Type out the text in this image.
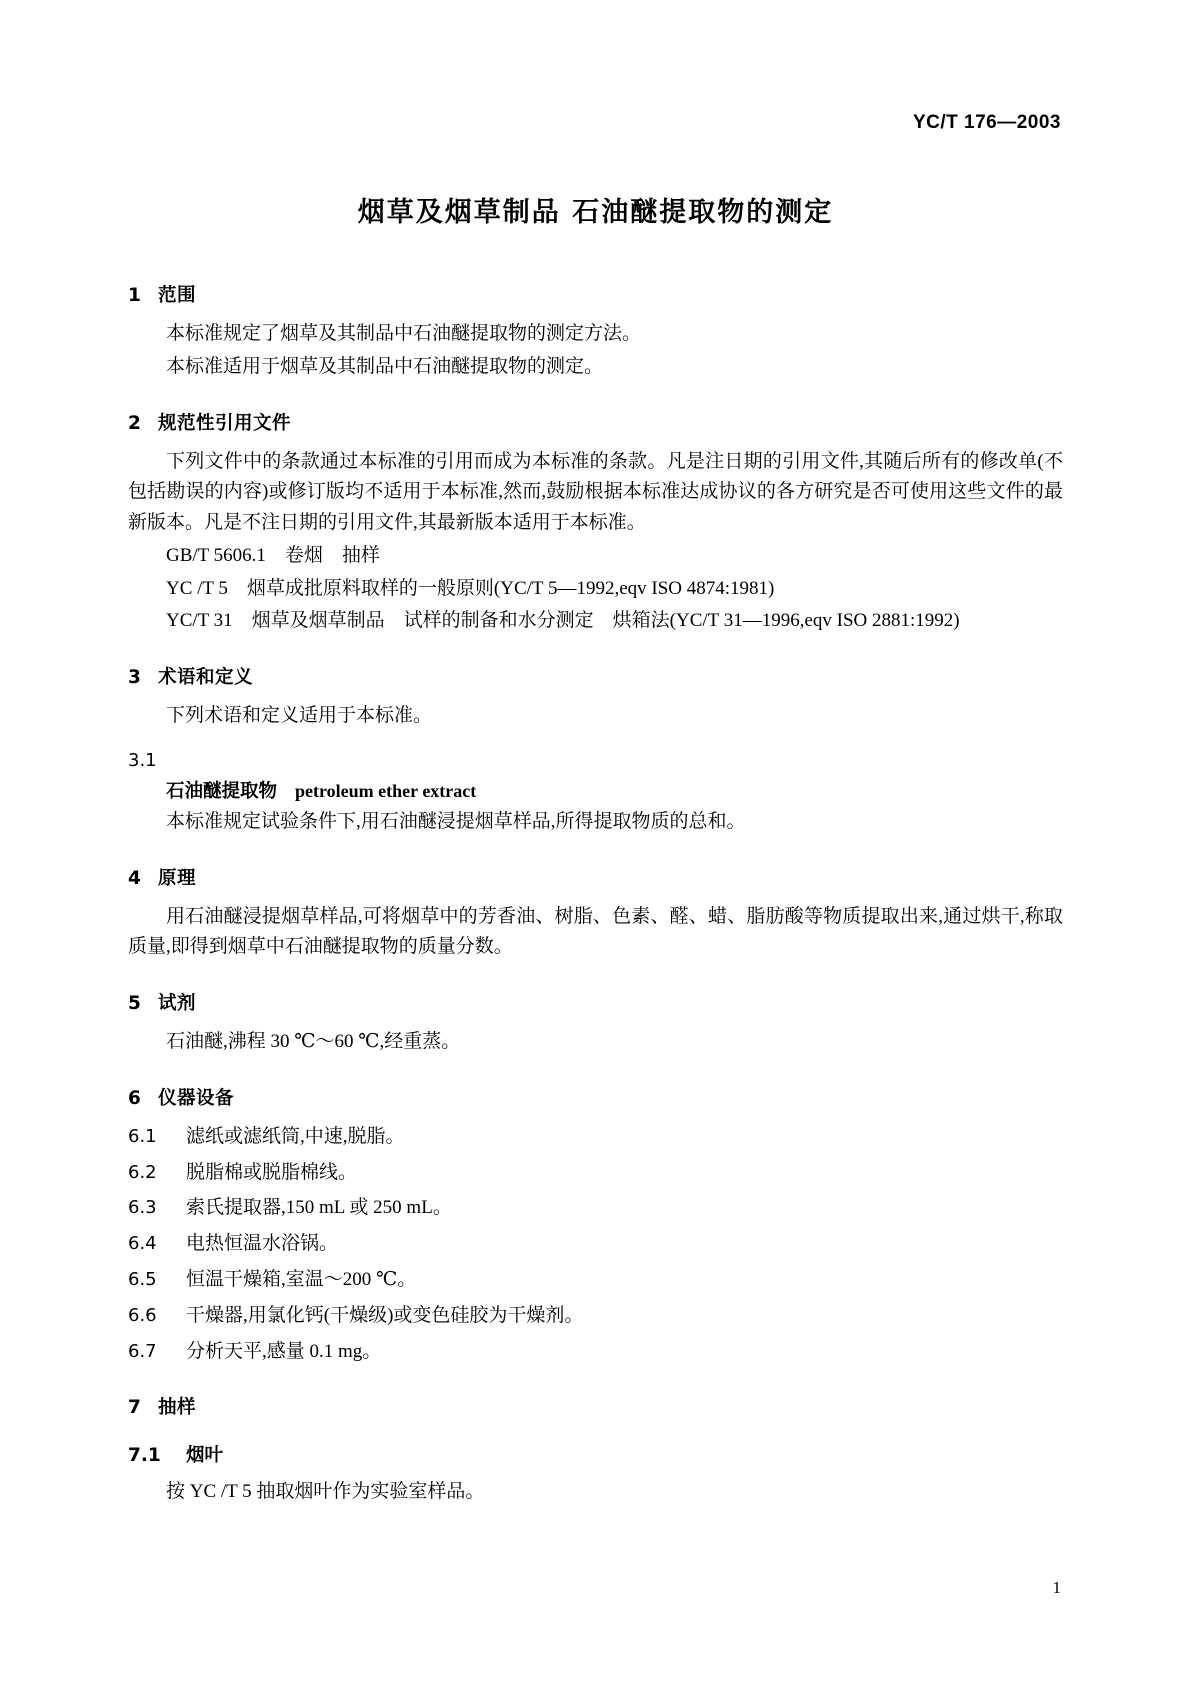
YC/T 176—2003
烟草及烟草制品 石油醚提取物的测定
1 范围

本标准规定了烟草及其制品中石油醚提取物的测定方法。

本标准适用于烟草及其制品中石油醚提取物的测定。

2 规范性引用文件

下列文件中的条款通过本标准的引用而成为本标准的条款。凡是注日期的引用文件,其随后所有的修改单(不包括勘误的内容)或修订版均不适用于本标准,然而,鼓励根据本标准达成协议的各方研究是否可使用这些文件的最新版本。凡是不注日期的引用文件,其最新版本适用于本标准。

GB/T 5606.1　卷烟　抽样

YC /T 5　烟草成批原料取样的一般原则(YC/T 5—1992,eqv ISO 4874:1981)

YC/T 31　烟草及烟草制品　试样的制备和水分测定　烘箱法(YC/T 31—1996,eqv ISO 2881:1992)

3 术语和定义

下列术语和定义适用于本标准。

3.1
石油醚提取物 petroleum ether extract

本标准规定试验条件下,用石油醚浸提烟草样品,所得提取物质的总和。

4 原理

用石油醚浸提烟草样品,可将烟草中的芳香油、树脂、色素、醛、蜡、脂肪酸等物质提取出来,通过烘干,称取质量,即得到烟草中石油醚提取物的质量分数。

5 试剂

石油醚,沸程 30 ℃～60 ℃,经重蒸。

6 仪器设备
6.1	滤纸或滤纸筒,中速,脱脂。
6.2	脱脂棉或脱脂棉线。
6.3	索氏提取器,150 mL 或 250 mL。
6.4	电热恒温水浴锅。
6.5	恒温干燥箱,室温～200 ℃。
6.6	干燥器,用氯化钙(干燥级)或变色硅胶为干燥剂。
6.7	分析天平,感量 0.1 mg。
7 抽样
7.1 烟叶

按 YC /T 5 抽取烟叶作为实验室样品。

1
